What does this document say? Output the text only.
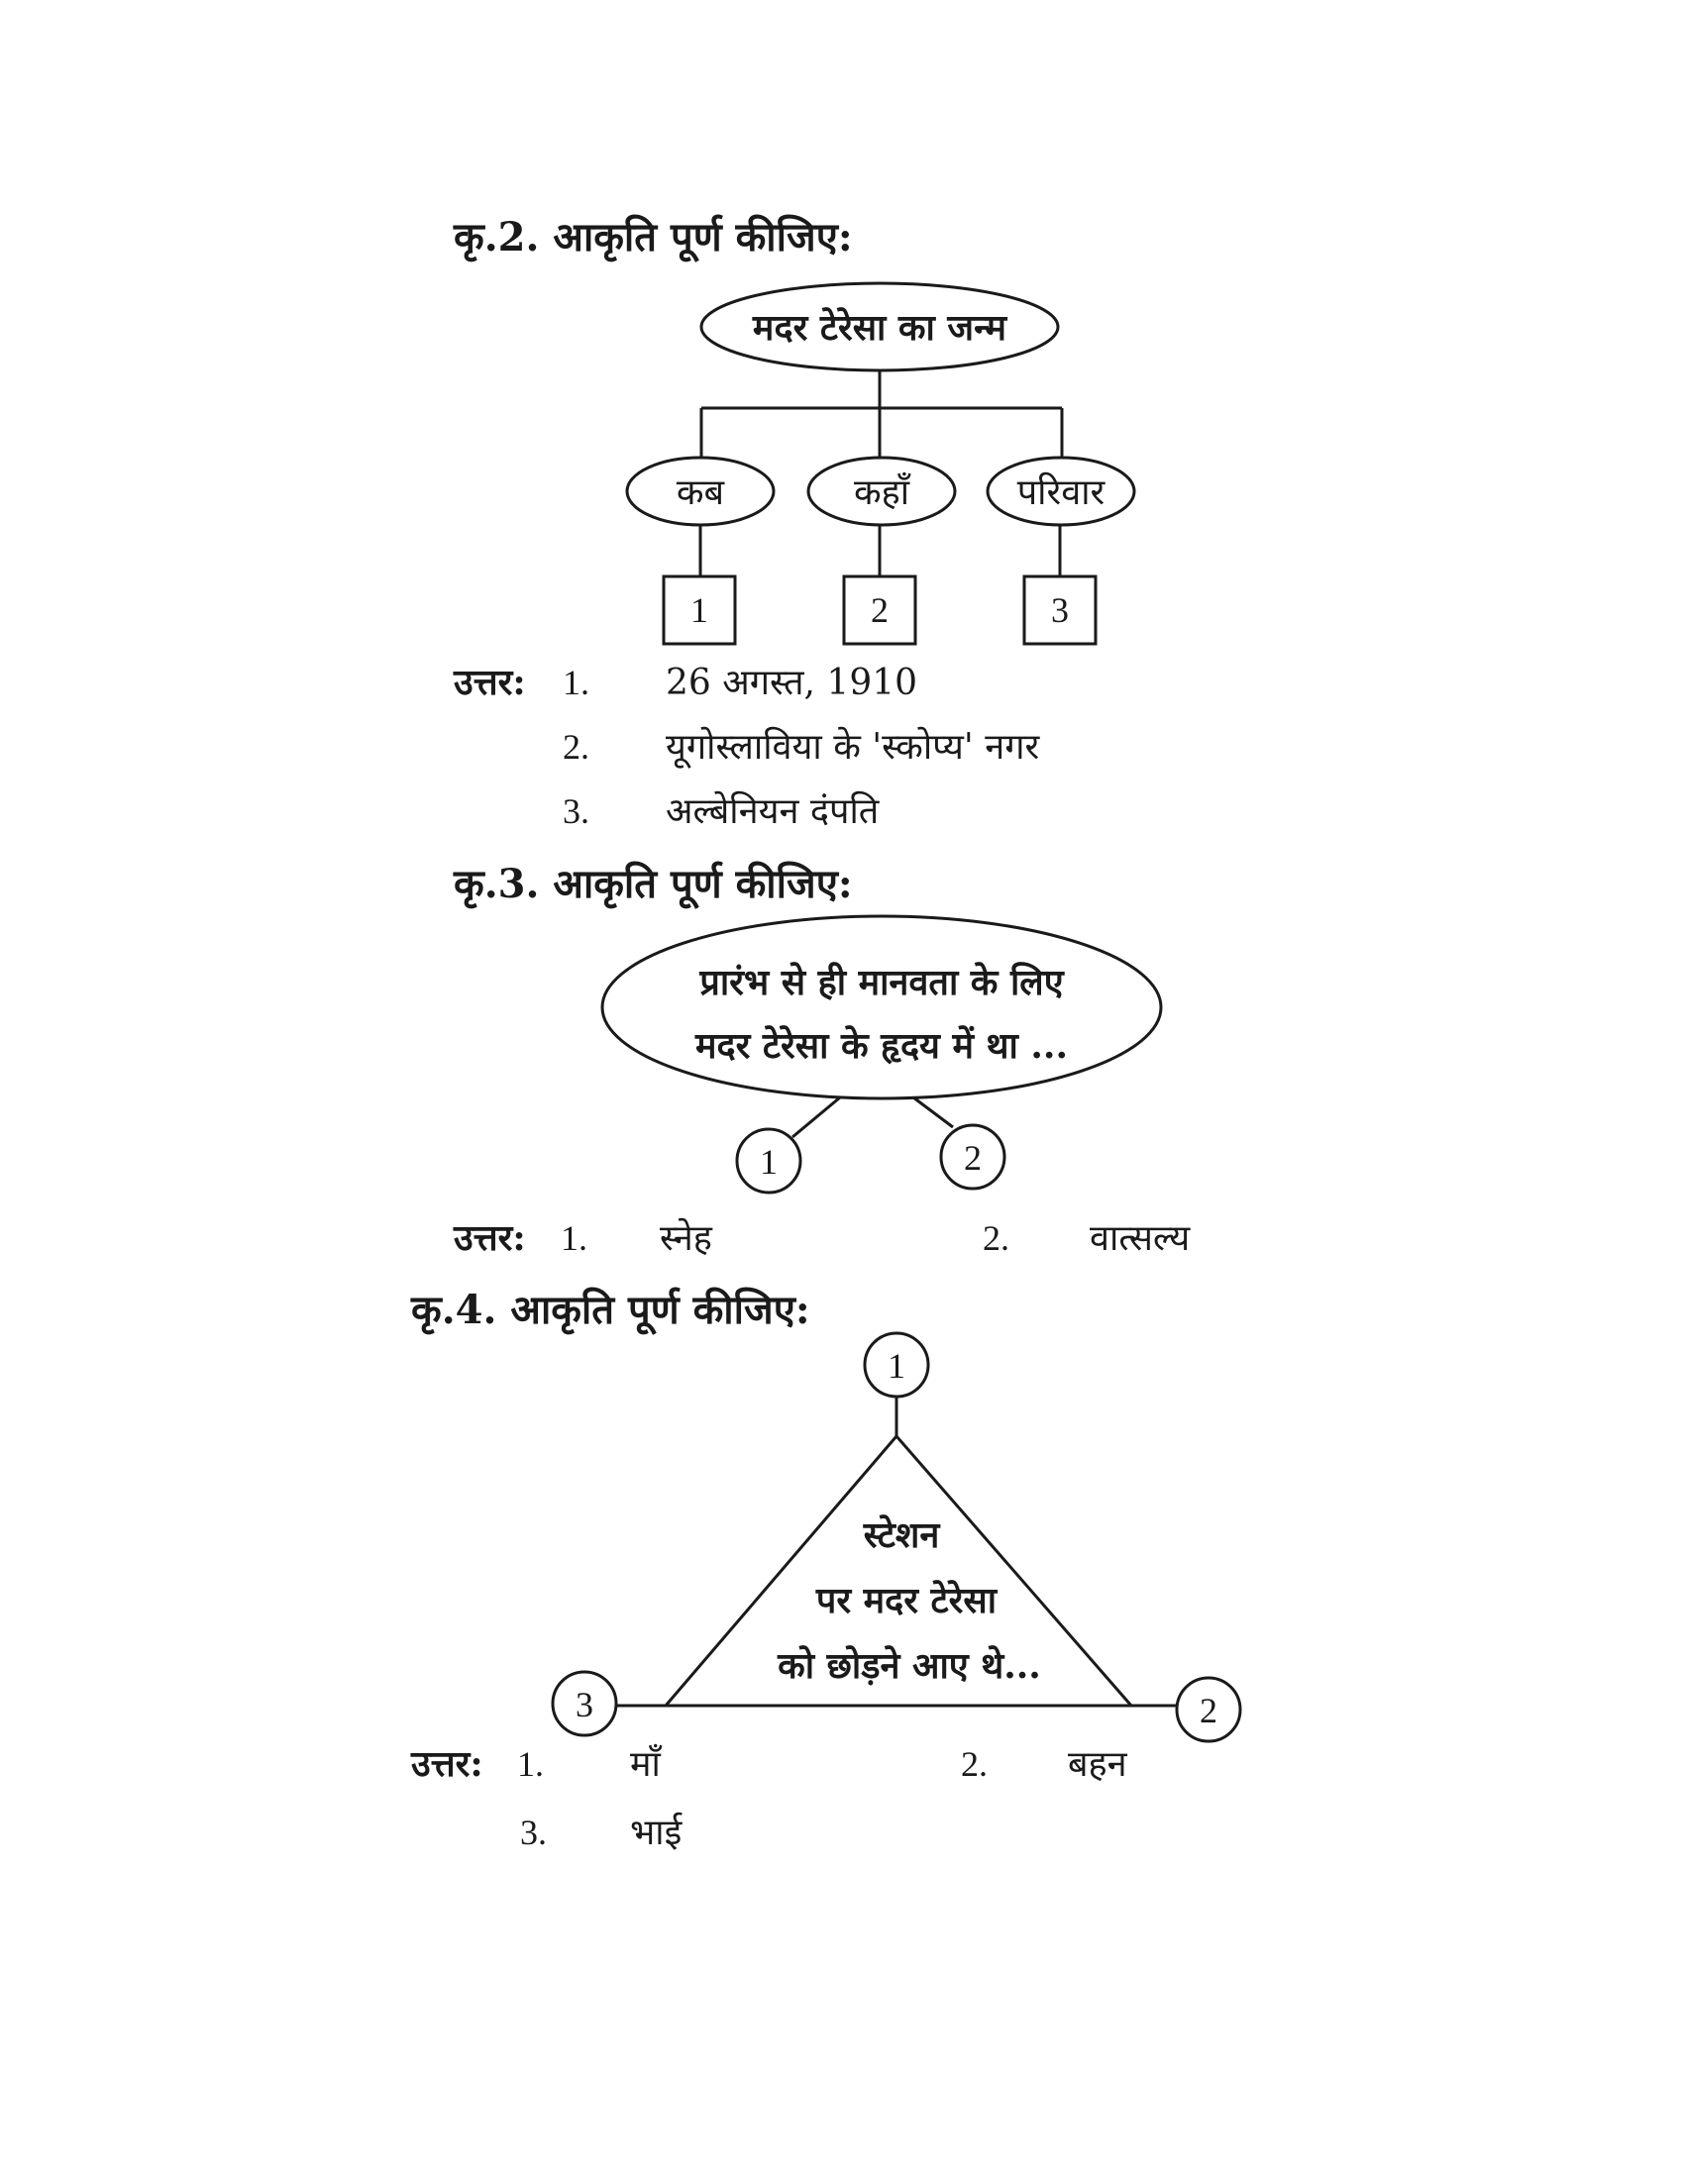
कृ.2. आकृति पूर्ण कीजिए:
मदर टेरेसा का जन्म
कब	कहाँ	परिवार
1	2	3
उत्तर: 1. 26 अगस्त, 1910
2. यूगोस्लाविया के 'स्कोप्य' नगर
3. अल्बेनियन दंपति
कृ.3. आकृति पूर्ण कीजिए:
प्रारंभ से ही मानवता के लिए
मदर टेरेसा के हृदय में था ...
1	2
उत्तर: 1. स्नेह	2. वात्सल्य
कृ.4. आकृति पूर्ण कीजिए:
1
स्टेशन
पर मदर टेरेसा
को छोड़ने आए थे...
3	2
उत्तर: 1. माँ	2. बहन
3. भाई
